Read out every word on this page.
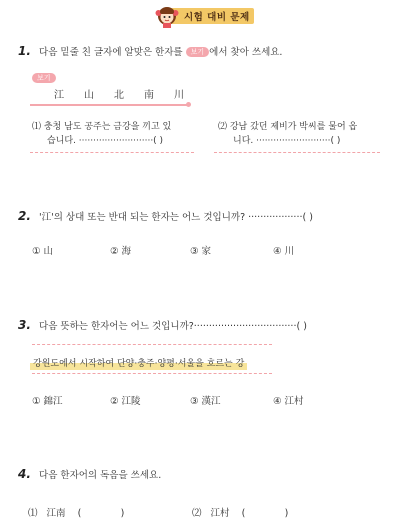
시험 대비 문제
1. 다음 밑줄 친 글자에 알맞은 한자를 보기 에서 찾아 쓰세요.
보기
江 山 北 南 川
⑴ 충청 남도 공주는 금강을 끼고 있
습니다. ··························( )
⑵ 강남 갔던 제비가 박씨를 물어 옵
니다. ··························( )
2. '江'의 상대 또는 반대 되는 한자는 어느 것입니까? ··················( )
① 山	② 海	③ 家	④ 川
3. 다음 뜻하는 한자어는 어느 것입니까?··································( )
강원도에서 시작하여 단양·충주·양평·서울을 흐르는 강
① 錦江	② 江陵	③ 漢江	④ 江村
4. 다음 한자어의 독음을 쓰세요.
⑴   江南    (             )	⑵   江村    (             )
